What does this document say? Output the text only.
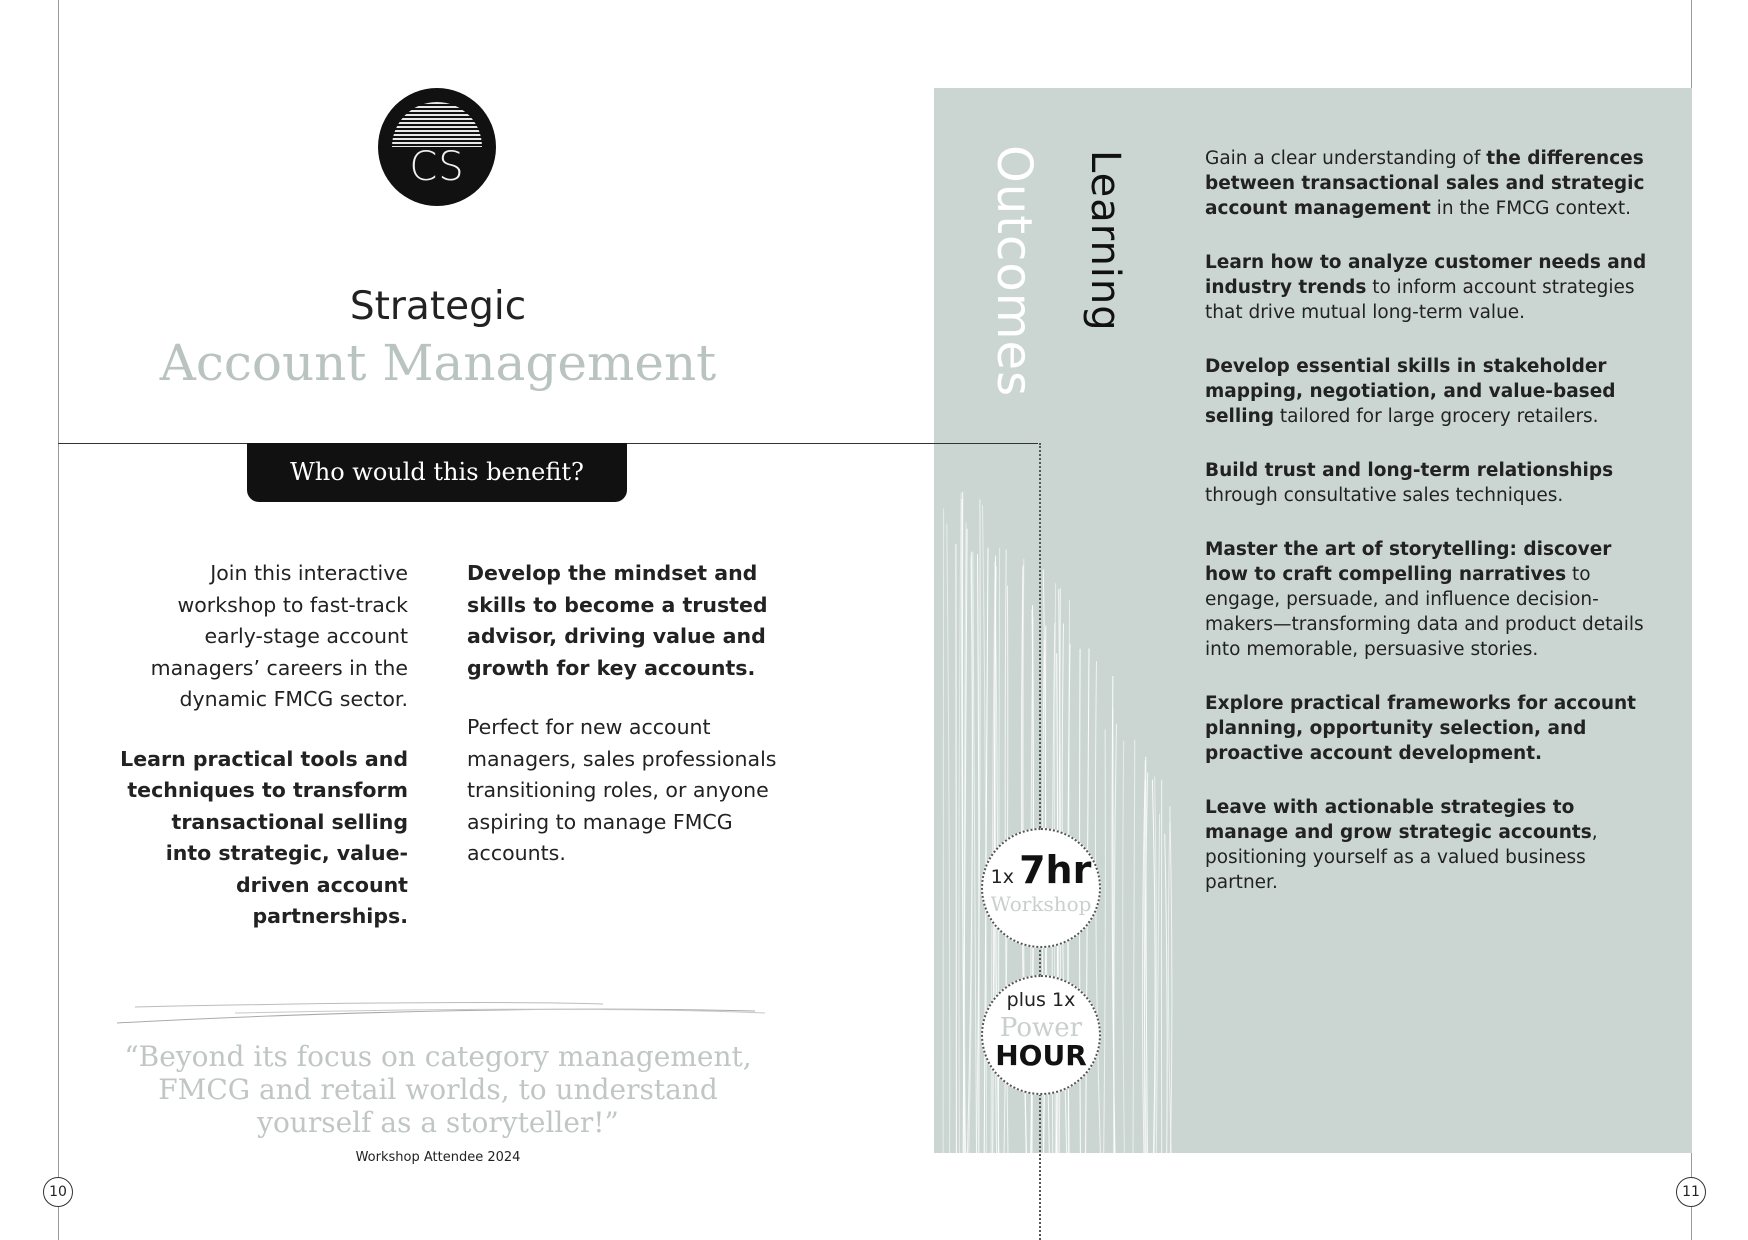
CS
Strategic
Account Management
Who would this benefit?

Join this interactive workshop to fast-track early-stage account managers’ careers in the dynamic FMCG sector.

Learn practical tools and techniques to transform transactional selling into strategic, value-driven account partnerships.

Develop the mindset and skills to become a trusted advisor, driving value and growth for key accounts.

Perfect for new account managers, sales professionals transitioning roles, or anyone aspiring to manage FMCG accounts.

“Beyond its focus on category management, FMCG and retail worlds, to understand yourself as a storyteller!”
Workshop Attendee 2024
Learning
Outcomes	Gain a clear understanding of the differences between transactional sales and strategic account management in the FMCG context.

Learn how to analyze customer needs and industry trends to inform account strategies that drive mutual long-term value.

Develop essential skills in stakeholder mapping, negotiation, and value-based selling tailored for large grocery retailers.

Build trust and long-term relationships through consultative sales techniques.

Master the art of storytelling: discover how to craft compelling narratives to engage, persuade, and influence decision-makers—transforming data and product details into memorable, persuasive stories.

Explore practical frameworks for account planning, opportunity selection, and proactive account development.

Leave with actionable strategies to manage and grow strategic accounts, positioning yourself as a valued business partner.

1x 7hr
Workshop
plus 1x
Power
HOUR
10	11
